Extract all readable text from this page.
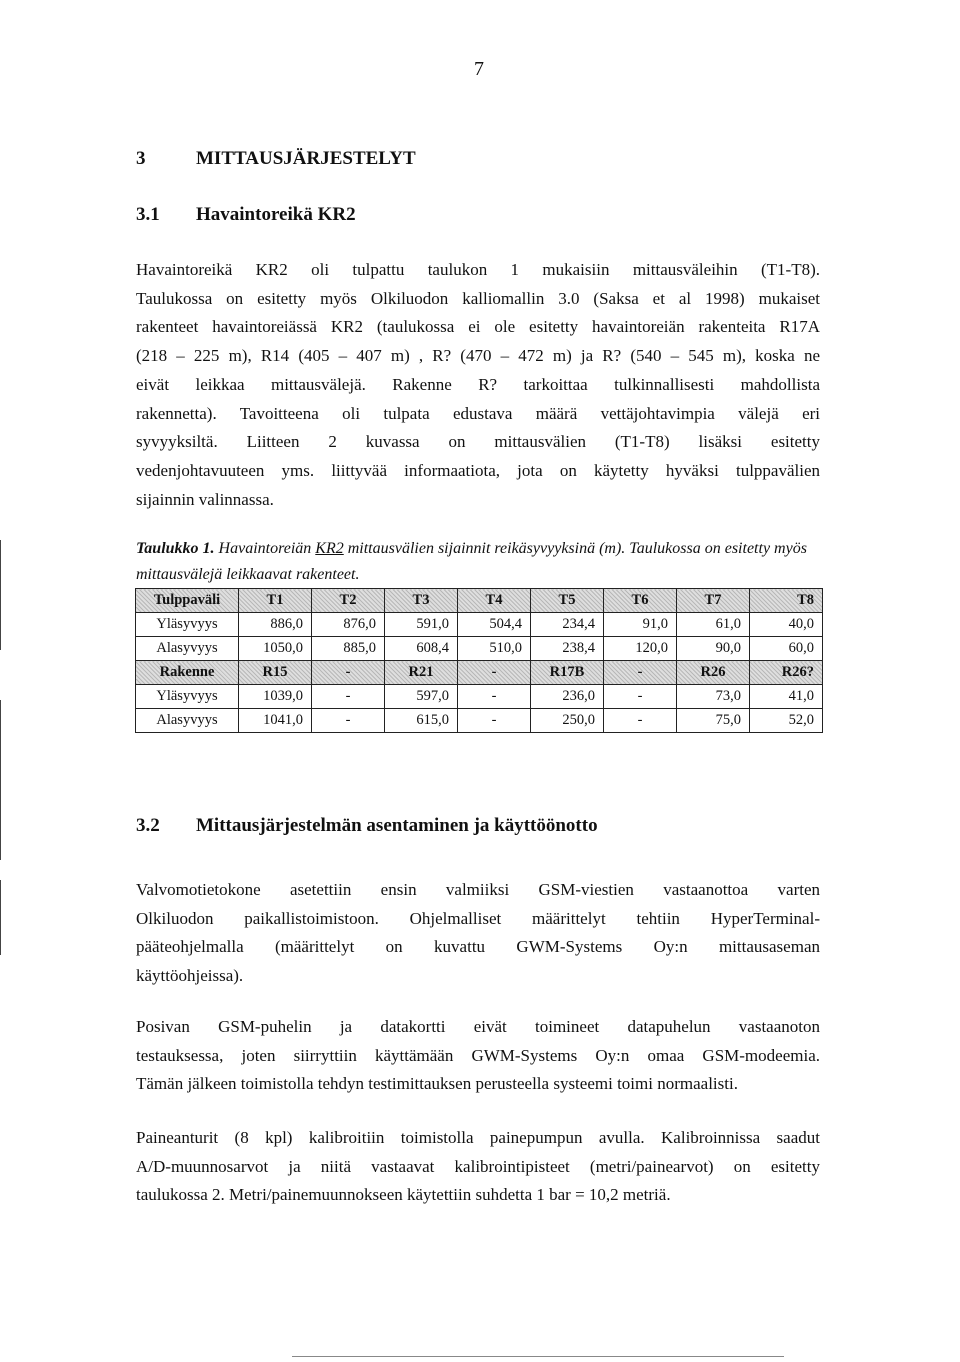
7
3	MITTAUSJÄRJESTELYT
3.1 Havaintoreikä KR2
Havaintoreikä KR2 oli tulpattu taulukon 1 mukaisiin mittausväleihin (T1-T8).
Taulukossa on esitetty myös Olkiluodon kalliomallin 3.0 (Saksa et al 1998) mukaiset
rakenteet havaintoreiässä KR2 (taulukossa ei ole esitetty havaintoreiän rakenteita R17A
(218 – 225 m), R14 (405 – 407 m) , R? (470 – 472 m) ja R? (540 – 545 m), koska ne
eivät leikkaa mittausvälejä. Rakenne R? tarkoittaa tulkinnallisesti mahdollista
rakennetta). Tavoitteena oli tulpata edustava määrä vettäjohtavimpia välejä eri
syvyyksiltä. Liitteen 2 kuvassa on mittausvälien (T1-T8) lisäksi esitetty
vedenjohtavuuteen yms. liittyvää informaatiota, jota on käytetty hyväksi tulppavälien
sijainnin valinnassa.
Taulukko 1. Havaintoreiän KR2 mittausvälien sijainnit reikäsyvyyksinä (m). Taulukossa on esitetty myös mittausvälejä leikkaavat rakenteet.
Tulppaväli	T1	T2	T3	T4	T5	T6	T7	T8
Yläsyvyys	886,0	876,0	591,0	504,4	234,4	91,0	61,0	40,0
Alasyvyys	1050,0	885,0	608,4	510,0	238,4	120,0	90,0	60,0
Rakenne	R15	-	R21	-	R17B	-	R26	R26?
Yläsyvyys	1039,0	-	597,0	-	236,0	-	73,0	41,0
Alasyvyys	1041,0	-	615,0	-	250,0	-	75,0	52,0
3.2 Mittausjärjestelmän asentaminen ja käyttöönotto
Valvomotietokone asetettiin ensin valmiiksi GSM-viestien vastaanottoa varten
Olkiluodon paikallistoimistoon. Ohjelmalliset määrittelyt tehtiin HyperTerminal-
pääteohjelmalla (määrittelyt on kuvattu GWM-Systems Oy:n mittausaseman
käyttöohjeissa).
Posivan GSM-puhelin ja datakortti eivät toimineet datapuhelun vastaanoton
testauksessa, joten siirryttiin käyttämään GWM-Systems Oy:n omaa GSM-modeemia.
Tämän jälkeen toimistolla tehdyn testimittauksen perusteella systeemi toimi normaalisti.
Paineanturit (8 kpl) kalibroitiin toimistolla painepumpun avulla. Kalibroinnissa saadut
A/D-muunnosarvot ja niitä vastaavat kalibrointipisteet (metri/painearvot) on esitetty
taulukossa 2. Metri/painemuunnokseen käytettiin suhdetta 1 bar = 10,2 metriä.
